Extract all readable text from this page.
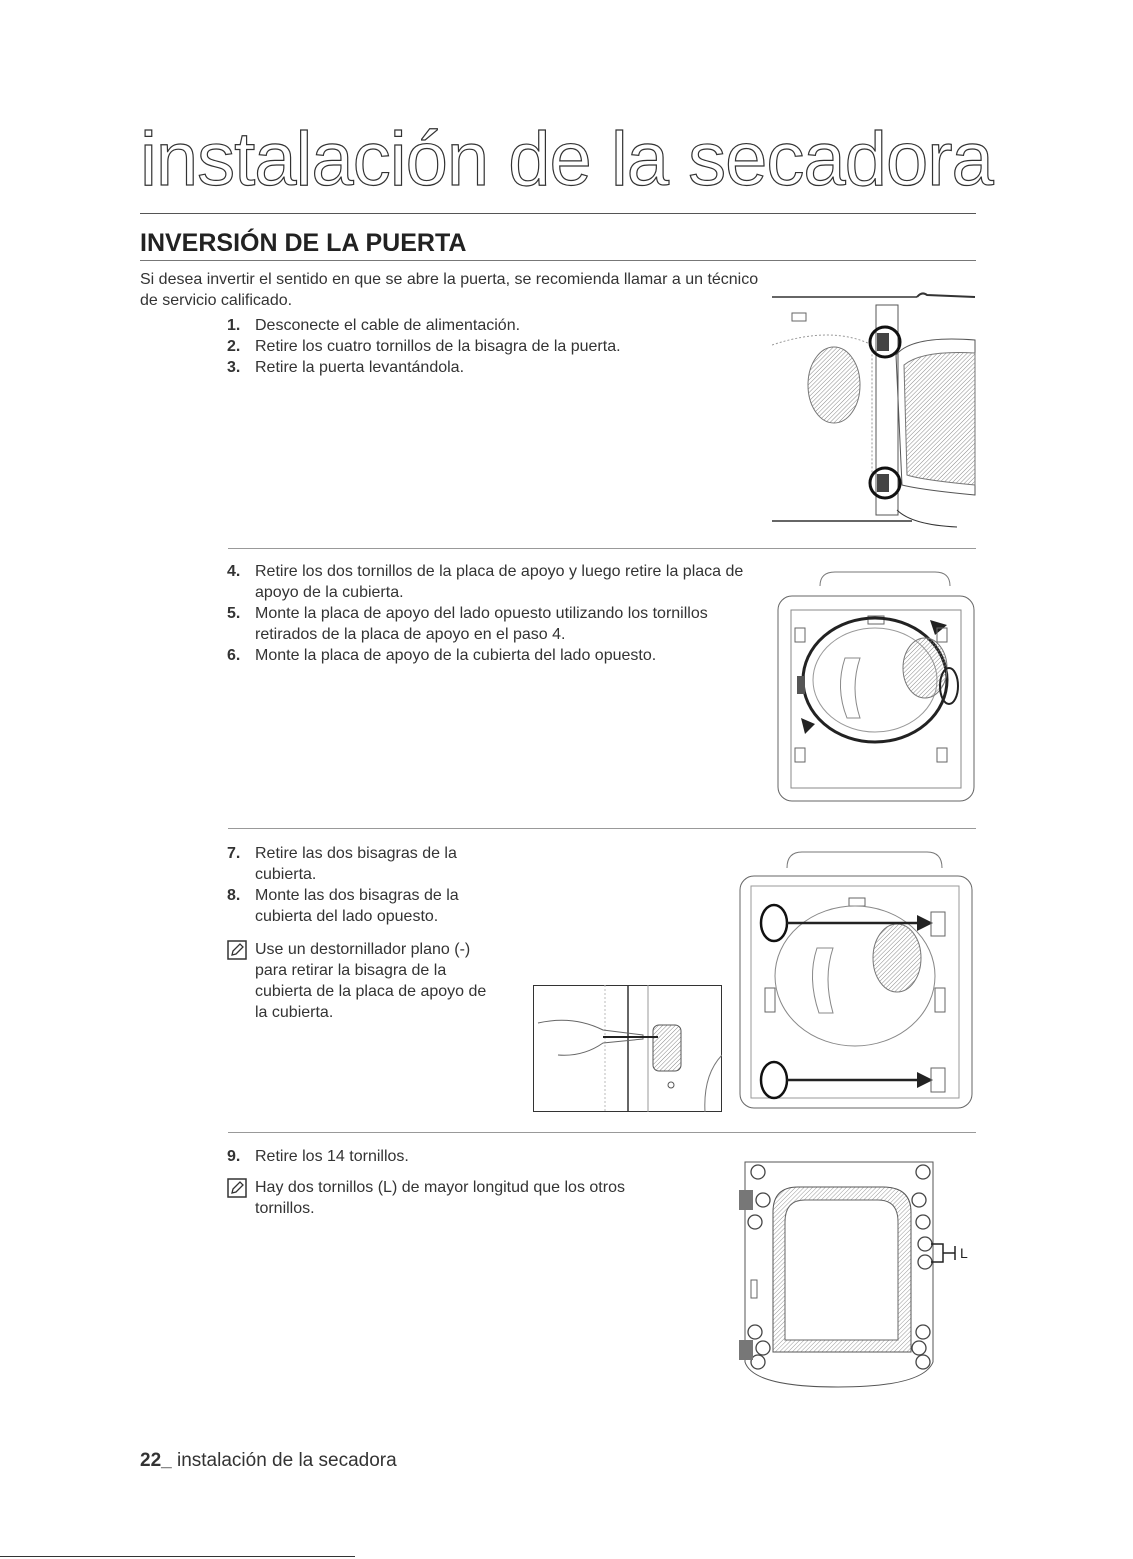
instalación de la secadora
INVERSIÓN DE LA PUERTA
Si desea invertir el sentido en que se abre la puerta, se recomienda llamar a un técnico de servicio calificado.
1. Desconecte el cable de alimentación.
2. Retire los cuatro tornillos de la bisagra de la puerta.
3. Retire la puerta levantándola.
4. Retire los dos tornillos de la placa de apoyo y luego retire la placa de apoyo de la cubierta.
5. Monte la placa de apoyo del lado opuesto utilizando los tornillos retirados de la placa de apoyo en el paso 4.
6. Monte la placa de apoyo de la cubierta del lado opuesto.
7. Retire las dos bisagras de la cubierta.
8. Monte las dos bisagras de la cubierta del lado opuesto.
Use un destornillador plano (-) para retirar la bisagra de la cubierta de la placa de apoyo de la cubierta.
9. Retire los 14 tornillos.
Hay dos tornillos (L) de mayor longitud que los otros tornillos.
L
22_ instalación de la secadora
